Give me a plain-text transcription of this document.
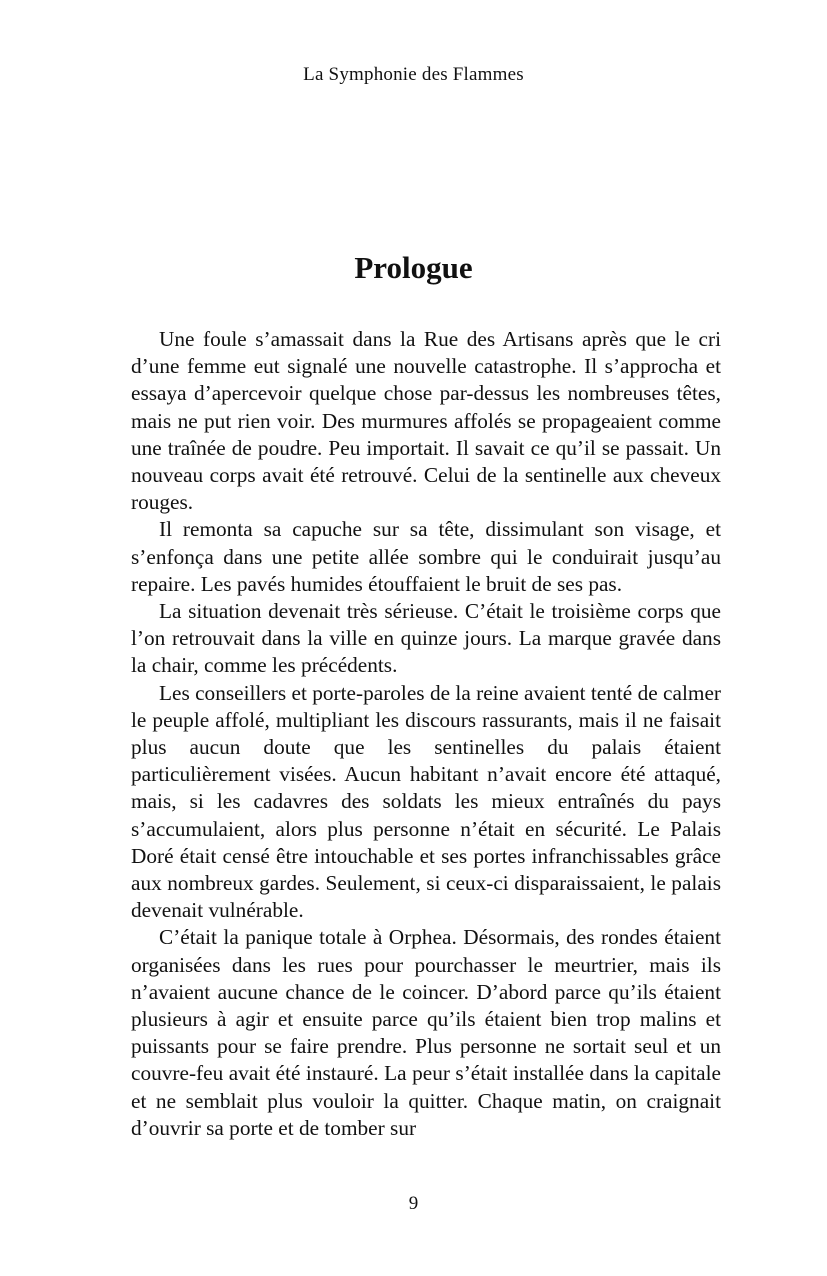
La Symphonie des Flammes
Prologue

Une foule s’amassait dans la Rue des Artisans après que le cri d’une femme eut signalé une nouvelle catastrophe. Il s’approcha et essaya d’apercevoir quelque chose par-dessus les nombreuses têtes, mais ne put rien voir. Des murmures affolés se propageaient comme une traînée de poudre. Peu importait. Il savait ce qu’il se passait. Un nouveau corps avait été retrouvé. Celui de la sentinelle aux cheveux rouges.

Il remonta sa capuche sur sa tête, dissimulant son visage, et s’enfonça dans une petite allée sombre qui le conduirait jusqu’au repaire. Les pavés humides étouffaient le bruit de ses pas.

La situation devenait très sérieuse. C’était le troisième corps que l’on retrouvait dans la ville en quinze jours. La marque gravée dans la chair, comme les précédents.

Les conseillers et porte-paroles de la reine avaient tenté de calmer le peuple affolé, multipliant les discours rassurants, mais il ne faisait plus aucun doute que les sentinelles du palais étaient particulièrement visées. Aucun habitant n’avait encore été attaqué, mais, si les cadavres des soldats les mieux entraînés du pays s’accumulaient, alors plus personne n’était en sécurité. Le Palais Doré était censé être intouchable et ses portes infranchissables grâce aux nombreux gardes. Seulement, si ceux-ci disparaissaient, le palais devenait vulnérable.

C’était la panique totale à Orphea. Désormais, des rondes étaient organisées dans les rues pour pourchasser le meurtrier, mais ils n’avaient aucune chance de le coincer. D’abord parce qu’ils étaient plusieurs à agir et ensuite parce qu’ils étaient bien trop malins et puissants pour se faire prendre. Plus personne ne sortait seul et un couvre-feu avait été instauré. La peur s’était installée dans la capitale et ne semblait plus vouloir la quitter. Chaque matin, on craignait d’ouvrir sa porte et de tomber sur

9
